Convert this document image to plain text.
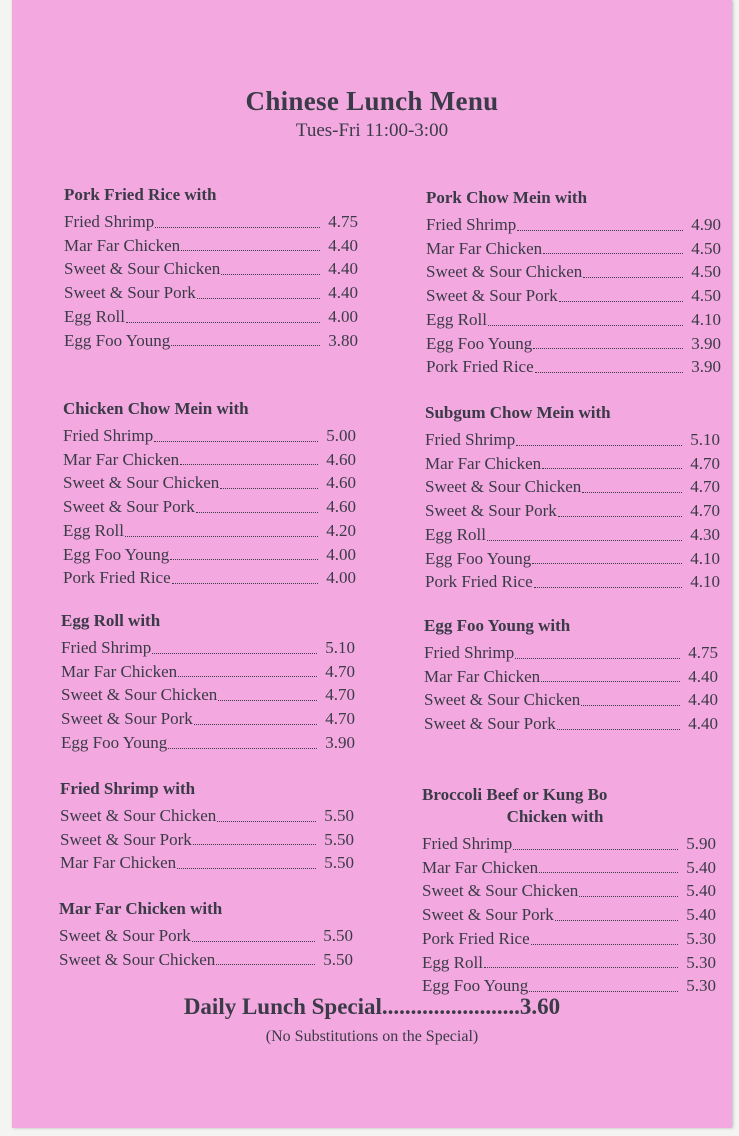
Chinese Lunch Menu
Tues-Fri 11:00-3:00
Pork Fried Rice with
Fried Shrimp	4.75
Mar Far Chicken	4.40
Sweet & Sour Chicken	4.40
Sweet & Sour Pork	4.40
Egg Roll	4.00
Egg Foo Young	3.80
Chicken Chow Mein with
Fried Shrimp	5.00
Mar Far Chicken	4.60
Sweet & Sour Chicken	4.60
Sweet & Sour Pork	4.60
Egg Roll	4.20
Egg Foo Young	4.00
Pork Fried Rice	4.00
Egg Roll with
Fried Shrimp	5.10
Mar Far Chicken	4.70
Sweet & Sour Chicken	4.70
Sweet & Sour Pork	4.70
Egg Foo Young	3.90
Fried Shrimp with
Sweet & Sour Chicken	5.50
Sweet & Sour Pork	5.50
Mar Far Chicken	5.50
Mar Far Chicken with
Sweet & Sour Pork	5.50
Sweet & Sour Chicken	5.50
Pork Chow Mein with
Fried Shrimp	4.90
Mar Far Chicken	4.50
Sweet & Sour Chicken	4.50
Sweet & Sour Pork	4.50
Egg Roll	4.10
Egg Foo Young	3.90
Pork Fried Rice	3.90
Subgum Chow Mein with
Fried Shrimp	5.10
Mar Far Chicken	4.70
Sweet & Sour Chicken	4.70
Sweet & Sour Pork	4.70
Egg Roll	4.30
Egg Foo Young	4.10
Pork Fried Rice	4.10
Egg Foo Young with
Fried Shrimp	4.75
Mar Far Chicken	4.40
Sweet & Sour Chicken	4.40
Sweet & Sour Pork	4.40
Broccoli Beef or Kung Bo
Chicken with
Fried Shrimp	5.90
Mar Far Chicken	5.40
Sweet & Sour Chicken	5.40
Sweet & Sour Pork	5.40
Pork Fried Rice	5.30
Egg Roll	5.30
Egg Foo Young	5.30
Daily Lunch Special........................3.60
(No Substitutions on the Special)
